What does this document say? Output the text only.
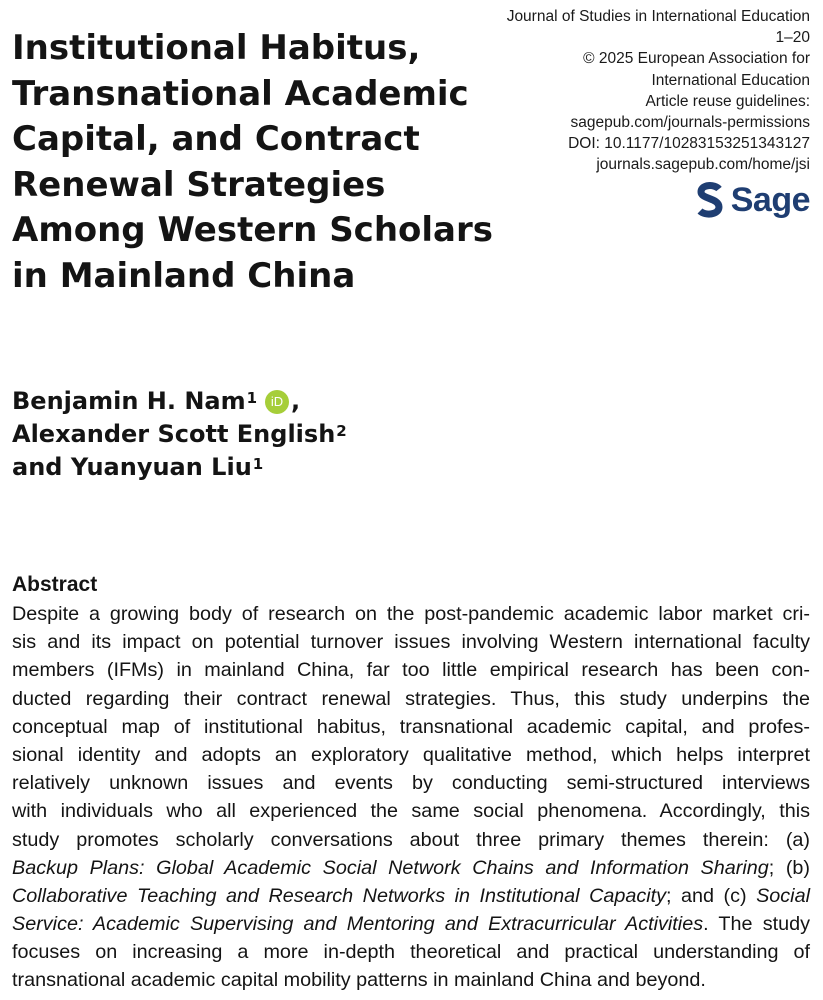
Journal of Studies in International Education
1–20
© 2025 European Association for
International Education
Article reuse guidelines:
sagepub.com/journals-permissions
DOI: 10.1177/10283153251343127
journals.sagepub.com/home/jsi
Sage
Institutional Habitus,
Transnational Academic
Capital, and Contract
Renewal Strategies
Among Western Scholars
in Mainland China
Benjamin H. Nam$^1$	iD ,
Alexander Scott English$^2$
and Yuanyuan Liu$^1$
Abstract
Despite a growing body of research on the post-pandemic academic labor market cri-
sis and its impact on potential turnover issues involving Western international faculty
members (IFMs) in mainland China, far too little empirical research has been con-
ducted regarding their contract renewal strategies. Thus, this study underpins the
conceptual map of institutional habitus, transnational academic capital, and profes-
sional identity and adopts an exploratory qualitative method, which helps interpret
relatively unknown issues and events by conducting semi-structured interviews
with individuals who all experienced the same social phenomena. Accordingly, this
study promotes scholarly conversations about three primary themes therein: (a)
Backup Plans: Global Academic Social Network Chains and Information Sharing; (b)
Collaborative Teaching and Research Networks in Institutional Capacity; and (c) Social
Service: Academic Supervising and Mentoring and Extracurricular Activities. The study
focuses on increasing a more in-depth theoretical and practical understanding of
transnational academic capital mobility patterns in mainland China and beyond.
